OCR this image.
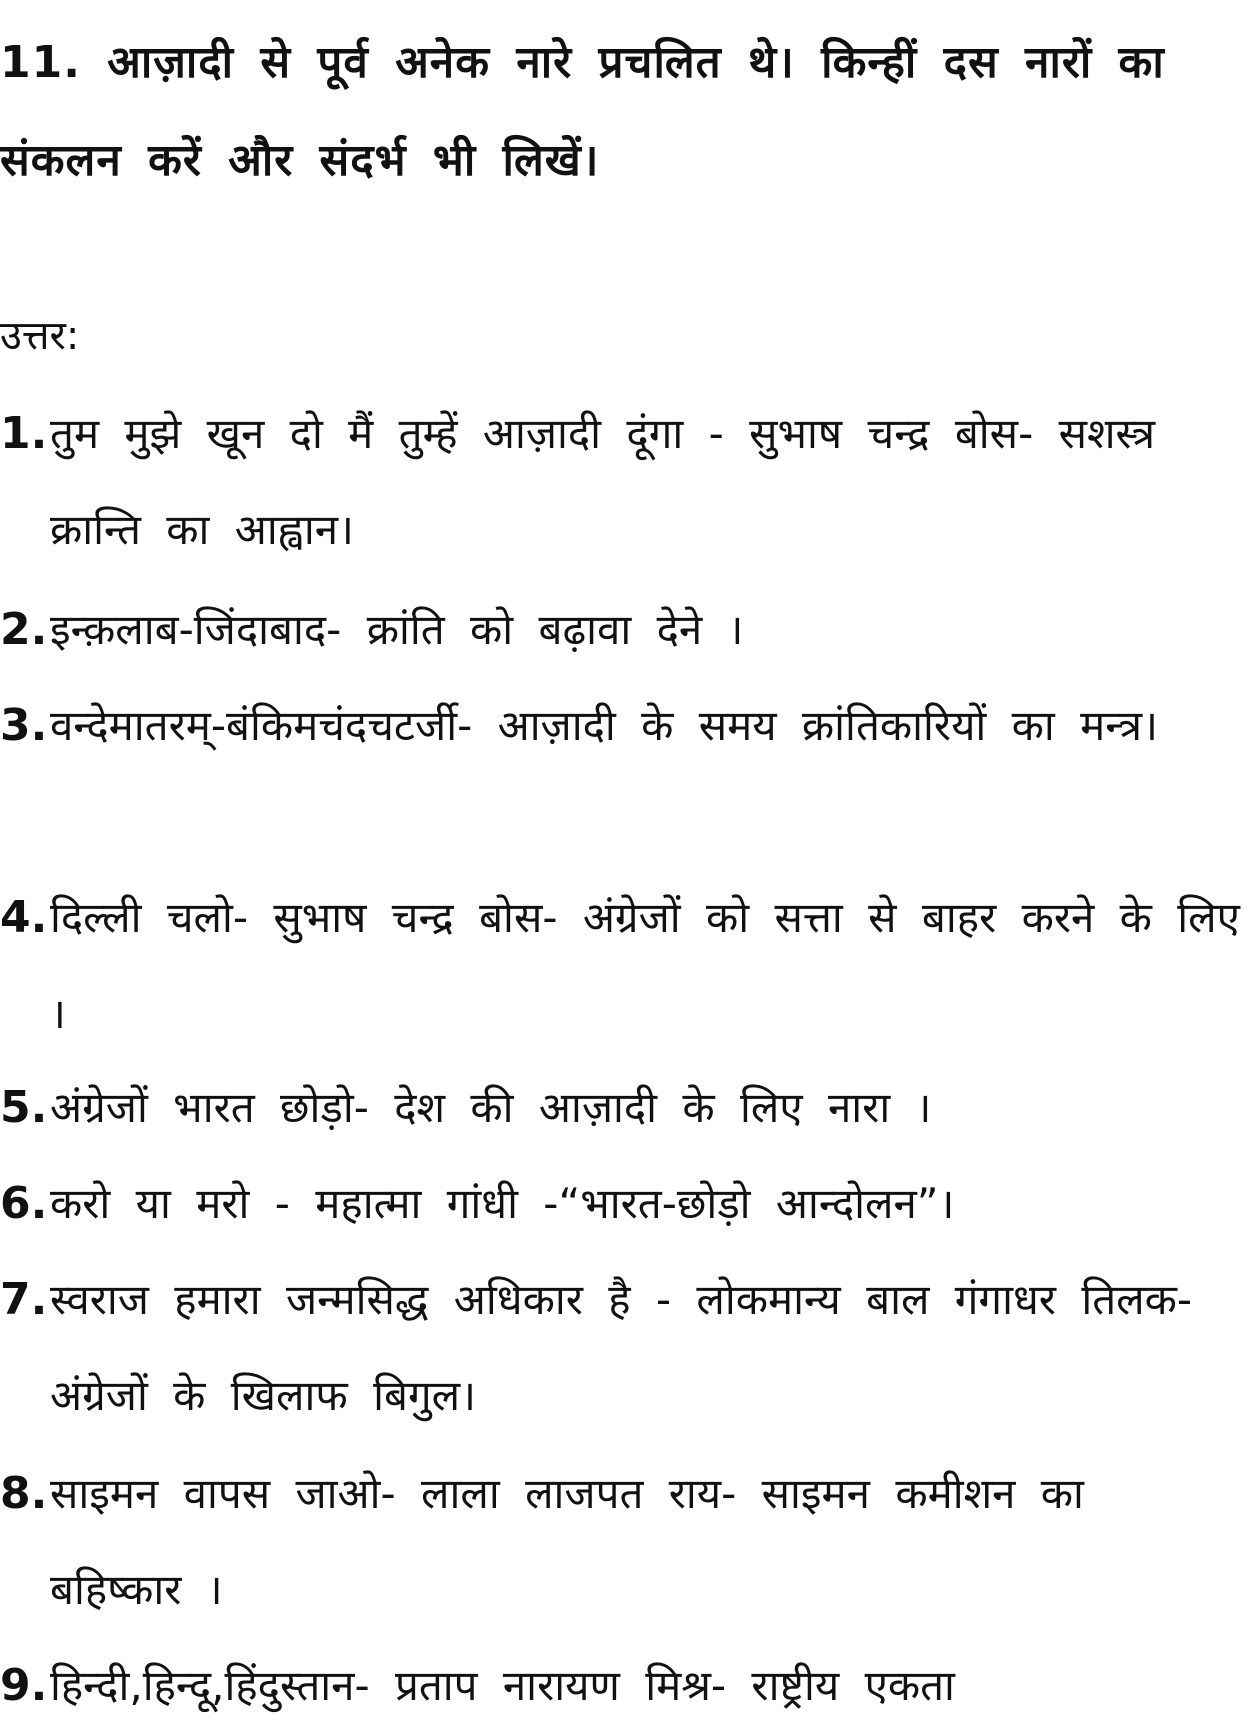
11. आज़ादी से पूर्व अनेक नारे प्रचलित थे। किन्हीं दस नारों का संकलन करें और संदर्भ भी लिखें।

उत्तर:

1. तुम मुझे खून दो मैं तुम्हें आज़ादी दूंगा - सुभाष चन्द्र बोस- सशस्त्र क्रान्ति का आह्वान।
2. इन्क़लाब-जिंदाबाद- क्रांति को बढ़ावा देने ।
3. वन्देमातरम्-बंकिमचंदचटर्जी- आज़ादी के समय क्रांतिकारियों का मन्त्र।
4. दिल्ली चलो- सुभाष चन्द्र बोस- अंग्रेजों को सत्ता से बाहर करने के लिए ।
5. अंग्रेजों भारत छोड़ो- देश की आज़ादी के लिए नारा ।
6. करो या मरो - महात्मा गांधी -“भारत-छोड़ो आन्दोलन”।
7. स्वराज हमारा जन्मसिद्ध अधिकार है - लोकमान्य बाल गंगाधर तिलक- अंग्रेजों के खिलाफ बिगुल।
8. साइमन वापस जाओ- लाला लाजपत राय- साइमन कमीशन का बहिष्कार ।
9. हिन्दी,हिन्दू,हिंदुस्तान- प्रताप नारायण मिश्र- राष्ट्रीय एकता
